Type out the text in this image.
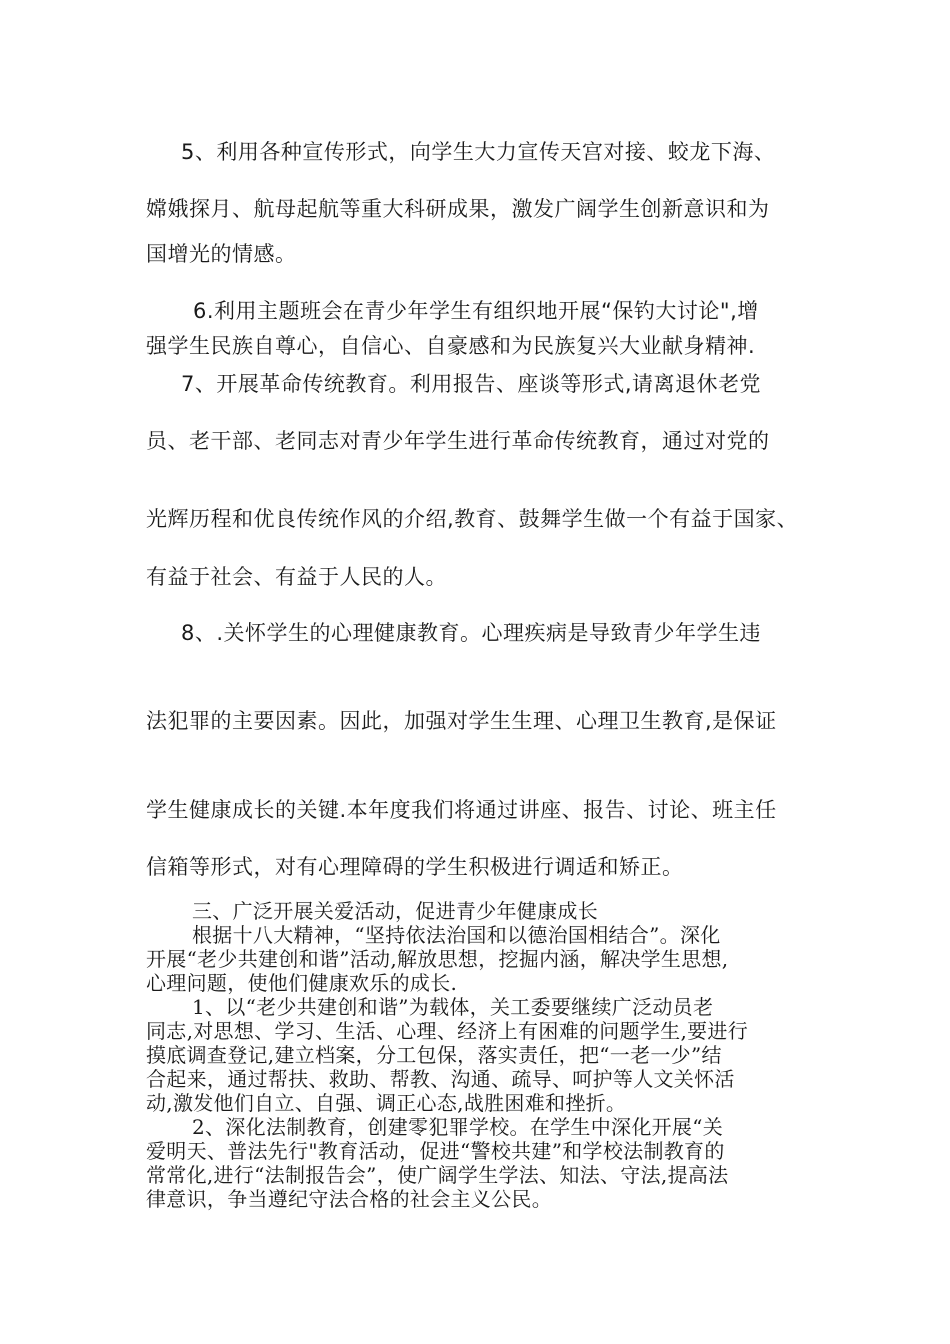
5、利用各种宣传形式，向学生大力宣传天宫对接、蛟龙下海、
嫦娥探月、航母起航等重大科研成果，激发广阔学生创新意识和为
国增光的情感。
6.利用主题班会在青少年学生有组织地开展“保钓大讨论",增
强学生民族自尊心，自信心、自豪感和为民族复兴大业献身精神.
7、开展革命传统教育。利用报告、座谈等形式,请离退休老党
员、老干部、老同志对青少年学生进行革命传统教育，通过对党的
光辉历程和优良传统作风的介绍,教育、鼓舞学生做一个有益于国家、
有益于社会、有益于人民的人。
8、.关怀学生的心理健康教育。心理疾病是导致青少年学生违
法犯罪的主要因素。因此，加强对学生生理、心理卫生教育,是保证
学生健康成长的关键.本年度我们将通过讲座、报告、讨论、班主任
信箱等形式，对有心理障碍的学生积极进行调适和矫正。
三、广泛开展关爱活动，促进青少年健康成长
根据十八大精神，“坚持依法治国和以德治国相结合”。深化
开展“老少共建创和谐”活动,解放思想，挖掘内涵，解决学生思想,
心理问题，使他们健康欢乐的成长.
1、以“老少共建创和谐”为载体，关工委要继续广泛动员老
同志,对思想、学习、生活、心理、经济上有困难的问题学生,要进行
摸底调查登记,建立档案，分工包保，落实责任，把“一老一少”结
合起来，通过帮扶、救助、帮教、沟通、疏导、呵护等人文关怀活
动,激发他们自立、自强、调正心态,战胜困难和挫折。
2、深化法制教育，创建零犯罪学校。在学生中深化开展“关
爱明天、普法先行"教育活动，促进“警校共建”和学校法制教育的
常常化,进行“法制报告会”，使广阔学生学法、知法、守法,提高法
律意识，争当遵纪守法合格的社会主义公民。
